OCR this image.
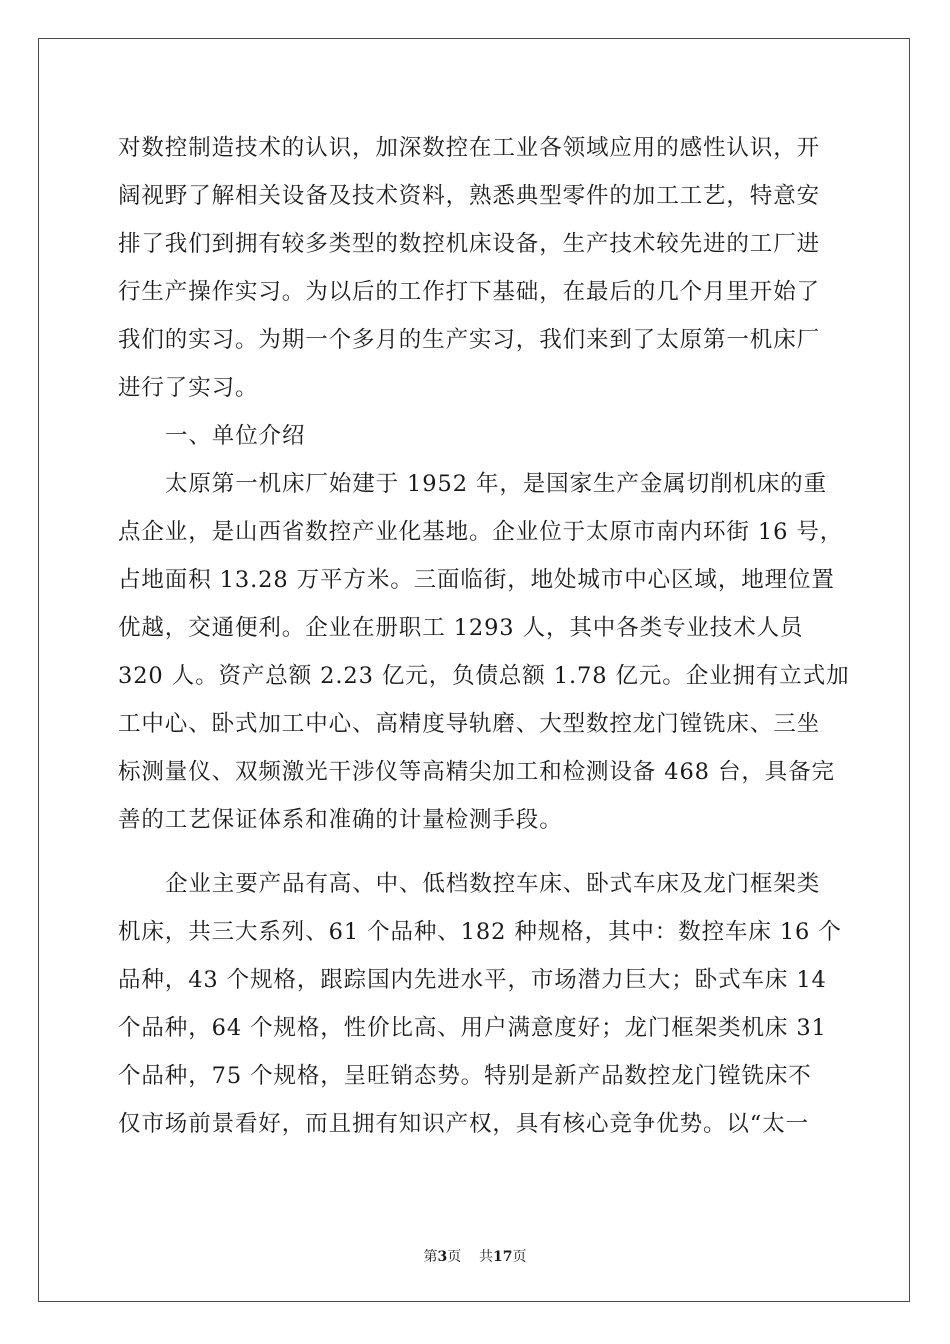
对数控制造技术的认识，加深数控在工业各领域应用的感性认识，开

阔视野了解相关设备及技术资料，熟悉典型零件的加工工艺，特意安

排了我们到拥有较多类型的数控机床设备，生产技术较先进的工厂进

行生产操作实习。为以后的工作打下基础，在最后的几个月里开始了

我们的实习。为期一个多月的生产实习，我们来到了太原第一机床厂

进行了实习。

一、单位介绍

太原第一机床厂始建于 1952 年，是国家生产金属切削机床的重

点企业，是山西省数控产业化基地。企业位于太原市南内环街 16 号，

占地面积 13.28 万平方米。三面临街，地处城市中心区域，地理位置

优越，交通便利。企业在册职工 1293 人，其中各类专业技术人员

320 人。资产总额 2.23 亿元，负债总额 1.78 亿元。企业拥有立式加

工中心、卧式加工中心、高精度导轨磨、大型数控龙门镗铣床、三坐

标测量仪、双频激光干涉仪等高精尖加工和检测设备 468 台，具备完

善的工艺保证体系和准确的计量检测手段。

企业主要产品有高、中、低档数控车床、卧式车床及龙门框架类

机床，共三大系列、61 个品种、182 种规格，其中：数控车床 16 个

品种，43 个规格，跟踪国内先进水平，市场潜力巨大；卧式车床 14

个品种，64 个规格，性价比高、用户满意度好；龙门框架类机床 31

个品种，75 个规格，呈旺销态势。特别是新产品数控龙门镗铣床不

仅市场前景看好，而且拥有知识产权，具有核心竞争优势。以“太一

第3页 共17页
